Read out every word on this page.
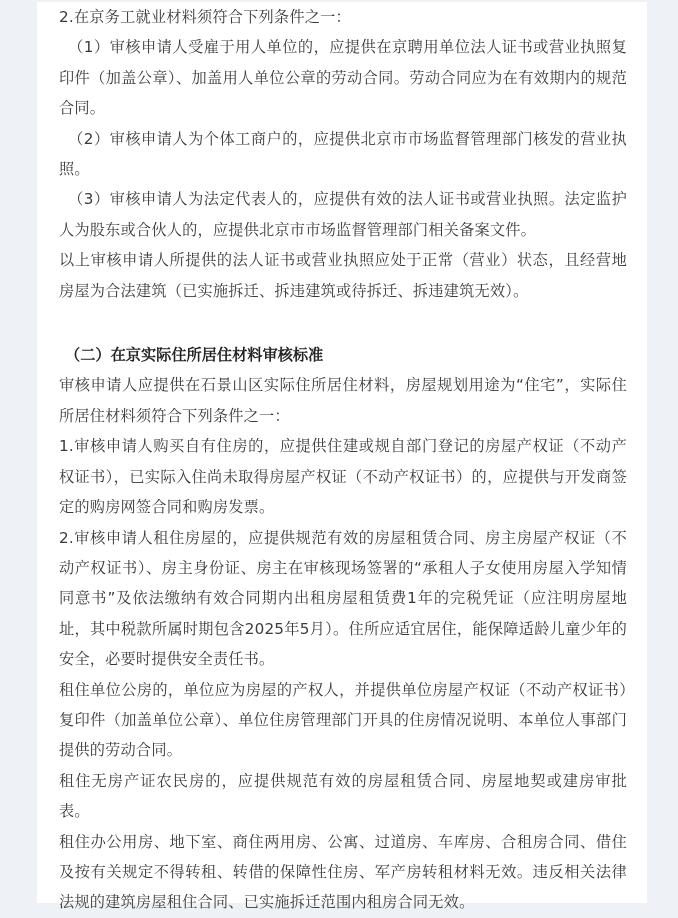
2.在京务工就业材料须符合下列条件之一：

（1）审核申请人受雇于用人单位的，应提供在京聘用单位法人证书或营业执照复印件（加盖公章）、加盖用人单位公章的劳动合同。劳动合同应为在有效期内的规范合同。

（2）审核申请人为个体工商户的，应提供北京市市场监督管理部门核发的营业执照。

（3）审核申请人为法定代表人的，应提供有效的法人证书或营业执照。法定监护人为股东或合伙人的，应提供北京市市场监督管理部门相关备案文件。

以上审核申请人所提供的法人证书或营业执照应处于正常（营业）状态，且经营地房屋为合法建筑（已实施拆迁、拆违建筑或待拆迁、拆违建筑无效）。

（二）在京实际住所居住材料审核标准

审核申请人应提供在石景山区实际住所居住材料，房屋规划用途为“住宅”，实际住所居住材料须符合下列条件之一：

1.审核申请人购买自有住房的，应提供住建或规自部门登记的房屋产权证（不动产权证书），已实际入住尚未取得房屋产权证（不动产权证书）的，应提供与开发商签定的购房网签合同和购房发票。

2.审核申请人租住房屋的，应提供规范有效的房屋租赁合同、房主房屋产权证（不动产权证书）、房主身份证、房主在审核现场签署的“承租人子女使用房屋入学知情同意书”及依法缴纳有效合同期内出租房屋租赁费1年的完税凭证（应注明房屋地址，其中税款所属时期包含2025年5月）。住所应适宜居住，能保障适龄儿童少年的安全，必要时提供安全责任书。

租住单位公房的，单位应为房屋的产权人，并提供单位房屋产权证（不动产权证书）复印件（加盖单位公章）、单位住房管理部门开具的住房情况说明、本单位人事部门提供的劳动合同。

租住无房产证农民房的，应提供规范有效的房屋租赁合同、房屋地契或建房审批表。

租住办公用房、地下室、商住两用房、公寓、过道房、车库房、合租房合同、借住及按有关规定不得转租、转借的保障性住房、军产房转租材料无效。违反相关法律法规的建筑房屋租住合同、已实施拆迁范围内租房合同无效。
